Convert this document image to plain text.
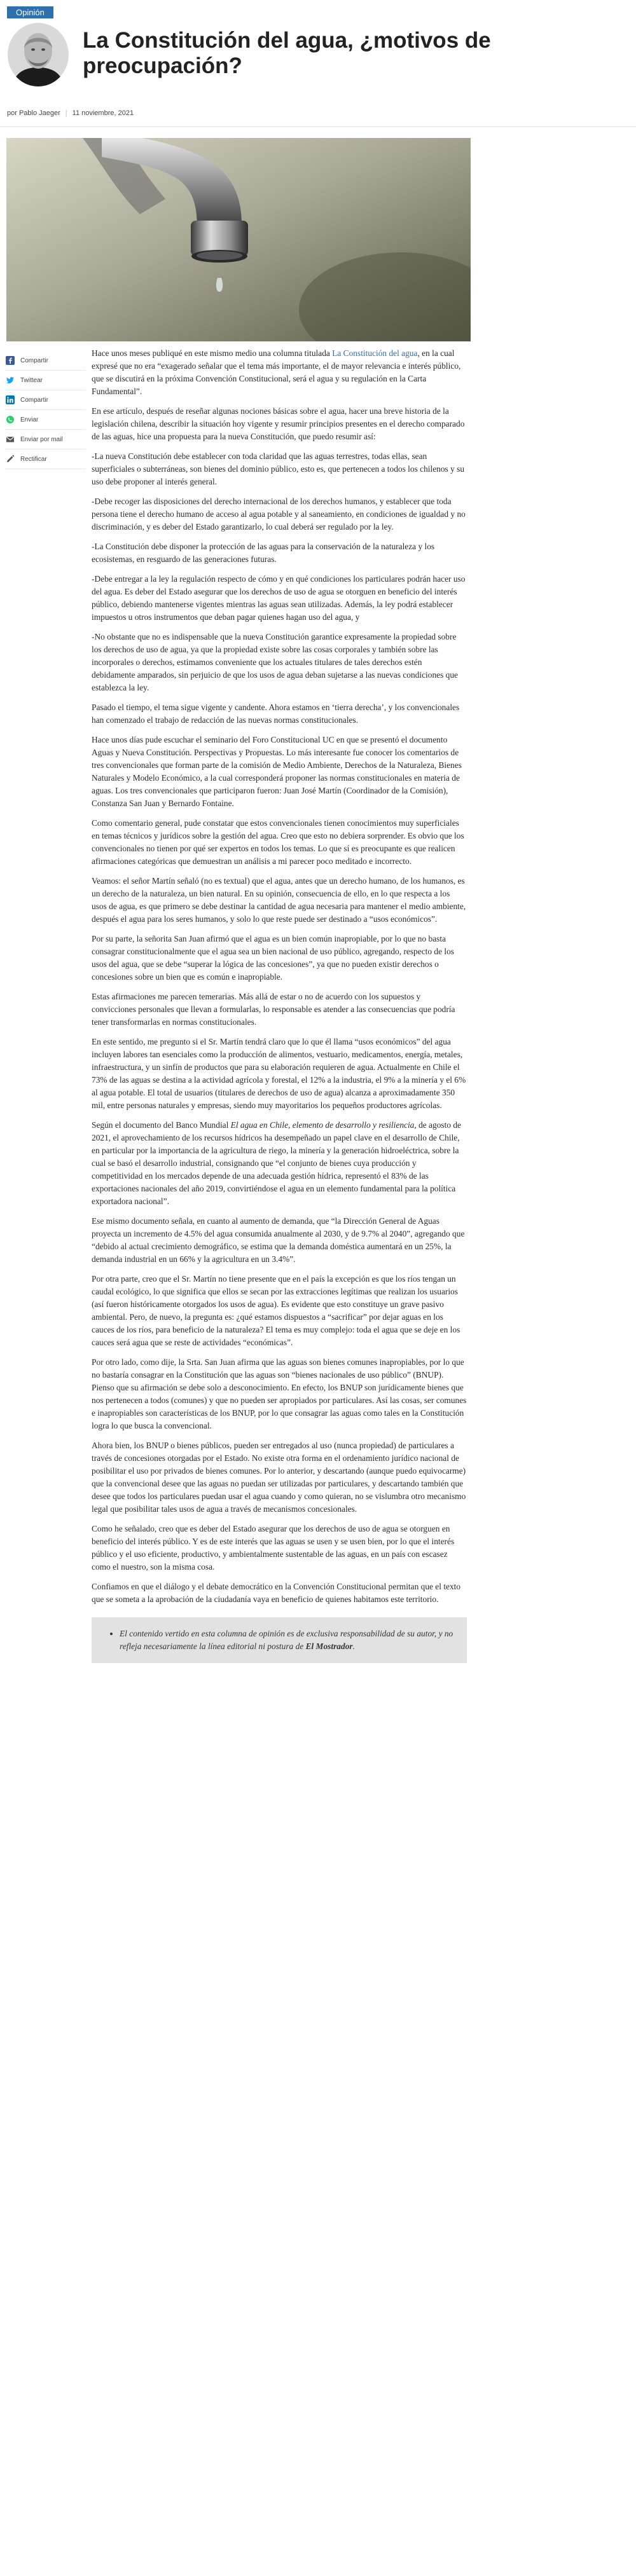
Opinión
La Constitución del agua, ¿motivos de preocupación?
por Pablo Jaeger | 11 noviembre, 2021
Compartir
Twittear
Compartir
Enviar
Enviar por mail
Rectificar

Hace unos meses publiqué en este mismo medio una columna titulada La Constitución del agua, en la cual expresé que no era “exagerado señalar que el tema más importante, el de mayor relevancia e interés público, que se discutirá en la próxima Convención Constitucional, será el agua y su regulación en la Carta Fundamental”.

En ese artículo, después de reseñar algunas nociones básicas sobre el agua, hacer una breve historia de la legislación chilena, describir la situación hoy vigente y resumir principios presentes en el derecho comparado de las aguas, hice una propuesta para la nueva Constitución, que puedo resumir así:

-La nueva Constitución debe establecer con toda claridad que las aguas terrestres, todas ellas, sean superficiales o subterráneas, son bienes del dominio público, esto es, que pertenecen a todos los chilenos y su uso debe proponer al interés general.

-Debe recoger las disposiciones del derecho internacional de los derechos humanos, y establecer que toda persona tiene el derecho humano de acceso al agua potable y al saneamiento, en condiciones de igualdad y no discriminación, y es deber del Estado garantizarlo, lo cual deberá ser regulado por la ley.

-La Constitución debe disponer la protección de las aguas para la conservación de la naturaleza y los ecosistemas, en resguardo de las generaciones futuras.

-Debe entregar a la ley la regulación respecto de cómo y en qué condiciones los particulares podrán hacer uso del agua. Es deber del Estado asegurar que los derechos de uso de agua se otorguen en beneficio del interés público, debiendo mantenerse vigentes mientras las aguas sean utilizadas. Además, la ley podrá establecer impuestos u otros instrumentos que deban pagar quienes hagan uso del agua, y

-No obstante que no es indispensable que la nueva Constitución garantice expresamente la propiedad sobre los derechos de uso de agua, ya que la propiedad existe sobre las cosas corporales y también sobre las incorporales o derechos, estimamos conveniente que los actuales titulares de tales derechos estén debidamente amparados, sin perjuicio de que los usos de agua deban sujetarse a las nuevas condiciones que establezca la ley.

Pasado el tiempo, el tema sigue vigente y candente. Ahora estamos en ‘tierra derecha’, y los convencionales han comenzado el trabajo de redacción de las nuevas normas constitucionales.

Hace unos días pude escuchar el seminario del Foro Constitucional UC en que se presentó el documento Aguas y Nueva Constitución. Perspectivas y Propuestas. Lo más interesante fue conocer los comentarios de tres convencionales que forman parte de la comisión de Medio Ambiente, Derechos de la Naturaleza, Bienes Naturales y Modelo Económico, a la cual corresponderá proponer las normas constitucionales en materia de aguas. Los tres convencionales que participaron fueron: Juan José Martín (Coordinador de la Comisión), Constanza San Juan y Bernardo Fontaine.

Como comentario general, pude constatar que estos convencionales tienen conocimientos muy superficiales en temas técnicos y jurídicos sobre la gestión del agua. Creo que esto no debiera sorprender. Es obvio que los convencionales no tienen por qué ser expertos en todos los temas. Lo que sí es preocupante es que realicen afirmaciones categóricas que demuestran un análisis a mi parecer poco meditado e incorrecto.

Veamos: el señor Martín señaló (no es textual) que el agua, antes que un derecho humano, de los humanos, es un derecho de la naturaleza, un bien natural. En su opinión, consecuencia de ello, en lo que respecta a los usos de agua, es que primero se debe destinar la cantidad de agua necesaria para mantener el medio ambiente, después el agua para los seres humanos, y solo lo que reste puede ser destinado a “usos económicos”.

Por su parte, la señorita San Juan afirmó que el agua es un bien común inapropiable, por lo que no basta consagrar constitucionalmente que el agua sea un bien nacional de uso público, agregando, respecto de los usos del agua, que se debe “superar la lógica de las concesiones”, ya que no pueden existir derechos o concesiones sobre un bien que es común e inapropiable.

Estas afirmaciones me parecen temerarias. Más allá de estar o no de acuerdo con los supuestos y convicciones personales que llevan a formularlas, lo responsable es atender a las consecuencias que podría tener transformarlas en normas constitucionales.

En este sentido, me pregunto si el Sr. Martín tendrá claro que lo que él llama “usos económicos” del agua incluyen labores tan esenciales como la producción de alimentos, vestuario, medicamentos, energía, metales, infraestructura, y un sinfín de productos que para su elaboración requieren de agua. Actualmente en Chile el 73% de las aguas se destina a la actividad agrícola y forestal, el 12% a la industria, el 9% a la minería y el 6% al agua potable. El total de usuarios (titulares de derechos de uso de agua) alcanza a aproximadamente 350 mil, entre personas naturales y empresas, siendo muy mayoritarios los pequeños productores agrícolas.

Según el documento del Banco Mundial El agua en Chile, elemento de desarrollo y resiliencia, de agosto de 2021, el aprovechamiento de los recursos hídricos ha desempeñado un papel clave en el desarrollo de Chile, en particular por la importancia de la agricultura de riego, la minería y la generación hidroeléctrica, sobre la cual se basó el desarrollo industrial, consignando que “el conjunto de bienes cuya producción y competitividad en los mercados depende de una adecuada gestión hídrica, representó el 83% de las exportaciones nacionales del año 2019, convirtiéndose el agua en un elemento fundamental para la política exportadora nacional”.

Ese mismo documento señala, en cuanto al aumento de demanda, que “la Dirección General de Aguas proyecta un incremento de 4.5% del agua consumida anualmente al 2030, y de 9.7% al 2040”, agregando que “debido al actual crecimiento demográfico, se estima que la demanda doméstica aumentará en un 25%, la demanda industrial en un 66% y la agricultura en un 3.4%”.

Por otra parte, creo que el Sr. Martín no tiene presente que en el país la excepción es que los ríos tengan un caudal ecológico, lo que significa que ellos se secan por las extracciones legítimas que realizan los usuarios (así fueron históricamente otorgados los usos de agua). Es evidente que esto constituye un grave pasivo ambiental. Pero, de nuevo, la pregunta es: ¿qué estamos dispuestos a “sacrificar” por dejar aguas en los cauces de los ríos, para beneficio de la naturaleza? El tema es muy complejo: toda el agua que se deje en los cauces será agua que se reste de actividades “económicas”.

Por otro lado, como dije, la Srta. San Juan afirma que las aguas son bienes comunes inapropiables, por lo que no bastaría consagrar en la Constitución que las aguas son “bienes nacionales de uso público” (BNUP). Pienso que su afirmación se debe solo a desconocimiento. En efecto, los BNUP son jurídicamente bienes que nos pertenecen a todos (comunes) y que no pueden ser apropiados por particulares. Así las cosas, ser comunes e inapropiables son características de los BNUP, por lo que consagrar las aguas como tales en la Constitución logra lo que busca la convencional.

Ahora bien, los BNUP o bienes públicos, pueden ser entregados al uso (nunca propiedad) de particulares a través de concesiones otorgadas por el Estado. No existe otra forma en el ordenamiento jurídico nacional de posibilitar el uso por privados de bienes comunes. Por lo anterior, y descartando (aunque puedo equivocarme) que la convencional desee que las aguas no puedan ser utilizadas por particulares, y descartando también que desee que todos los particulares puedan usar el agua cuando y como quieran, no se vislumbra otro mecanismo legal que posibilitar tales usos de agua a través de mecanismos concesionales.

Como he señalado, creo que es deber del Estado asegurar que los derechos de uso de agua se otorguen en beneficio del interés público. Y es de este interés que las aguas se usen y se usen bien, por lo que el interés público y el uso eficiente, productivo, y ambientalmente sustentable de las aguas, en un país con escasez como el nuestro, son la misma cosa.

Confiamos en que el diálogo y el debate democrático en la Convención Constitucional permitan que el texto que se someta a la aprobación de la ciudadanía vaya en beneficio de quienes habitamos este territorio.

• El contenido vertido en esta columna de opinión es de exclusiva responsabilidad de su autor, y no refleja necesariamente la línea editorial ni postura de El Mostrador.
